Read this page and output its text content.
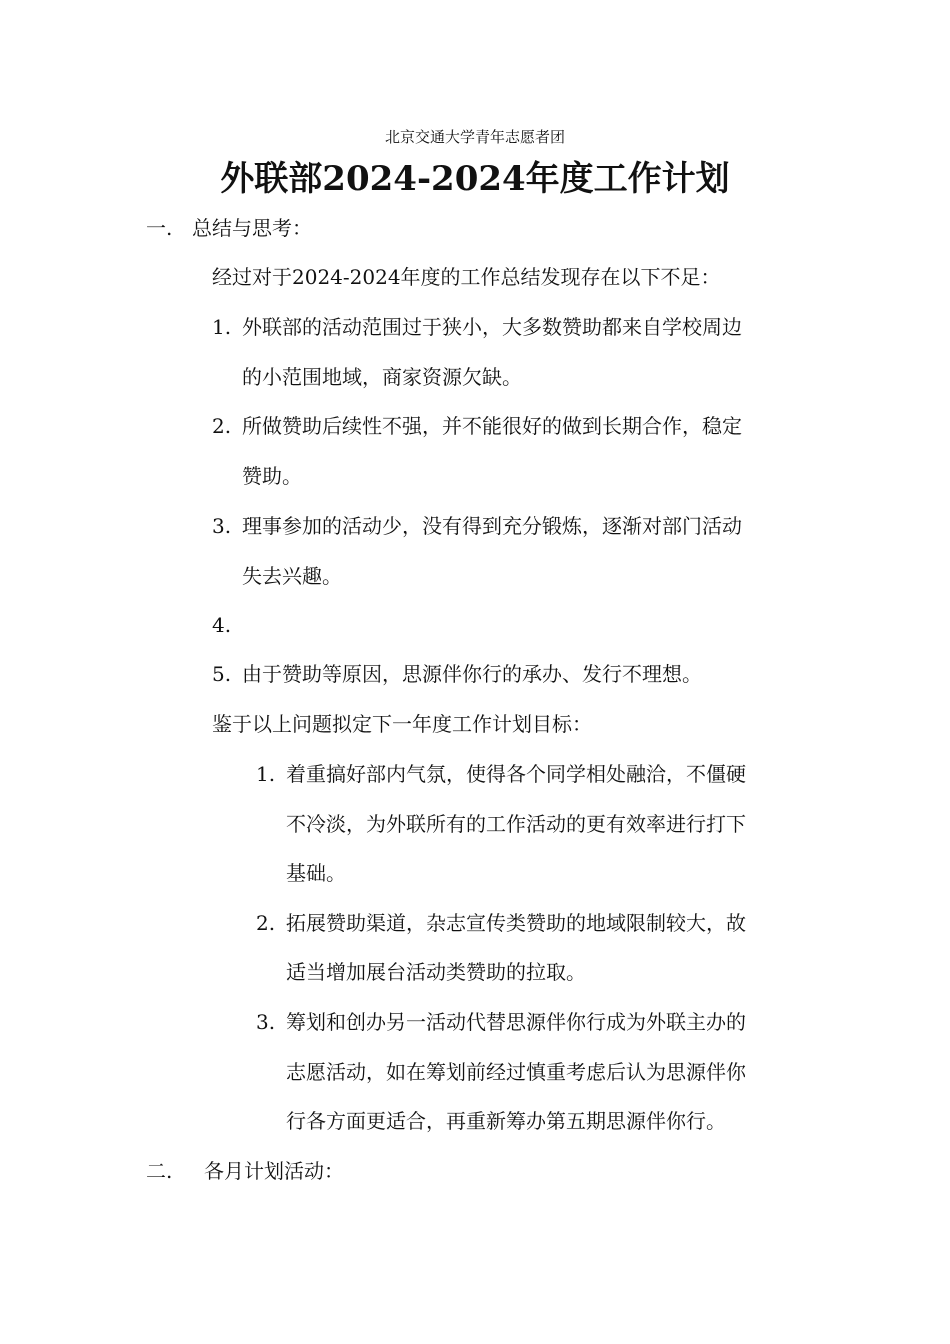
北京交通大学青年志愿者团
外联部2024-2024年度工作计划
一. 总结与思考：
经过对于2024-2024年度的工作总结发现存在以下不足：
1. 外联部的活动范围过于狭小，大多数赞助都来自学校周边
的小范围地域，商家资源欠缺。
2. 所做赞助后续性不强，并不能很好的做到长期合作，稳定
赞助。
3. 理事参加的活动少，没有得到充分锻炼，逐渐对部门活动
失去兴趣。
4.
5. 由于赞助等原因，思源伴你行的承办、发行不理想。
鉴于以上问题拟定下一年度工作计划目标：
1. 着重搞好部内气氛，使得各个同学相处融洽，不僵硬
不冷淡，为外联所有的工作活动的更有效率进行打下
基础。
2. 拓展赞助渠道，杂志宣传类赞助的地域限制较大，故
适当增加展台活动类赞助的拉取。
3. 筹划和创办另一活动代替思源伴你行成为外联主办的
志愿活动，如在筹划前经过慎重考虑后认为思源伴你
行各方面更适合，再重新筹办第五期思源伴你行。
二. 各月计划活动：
